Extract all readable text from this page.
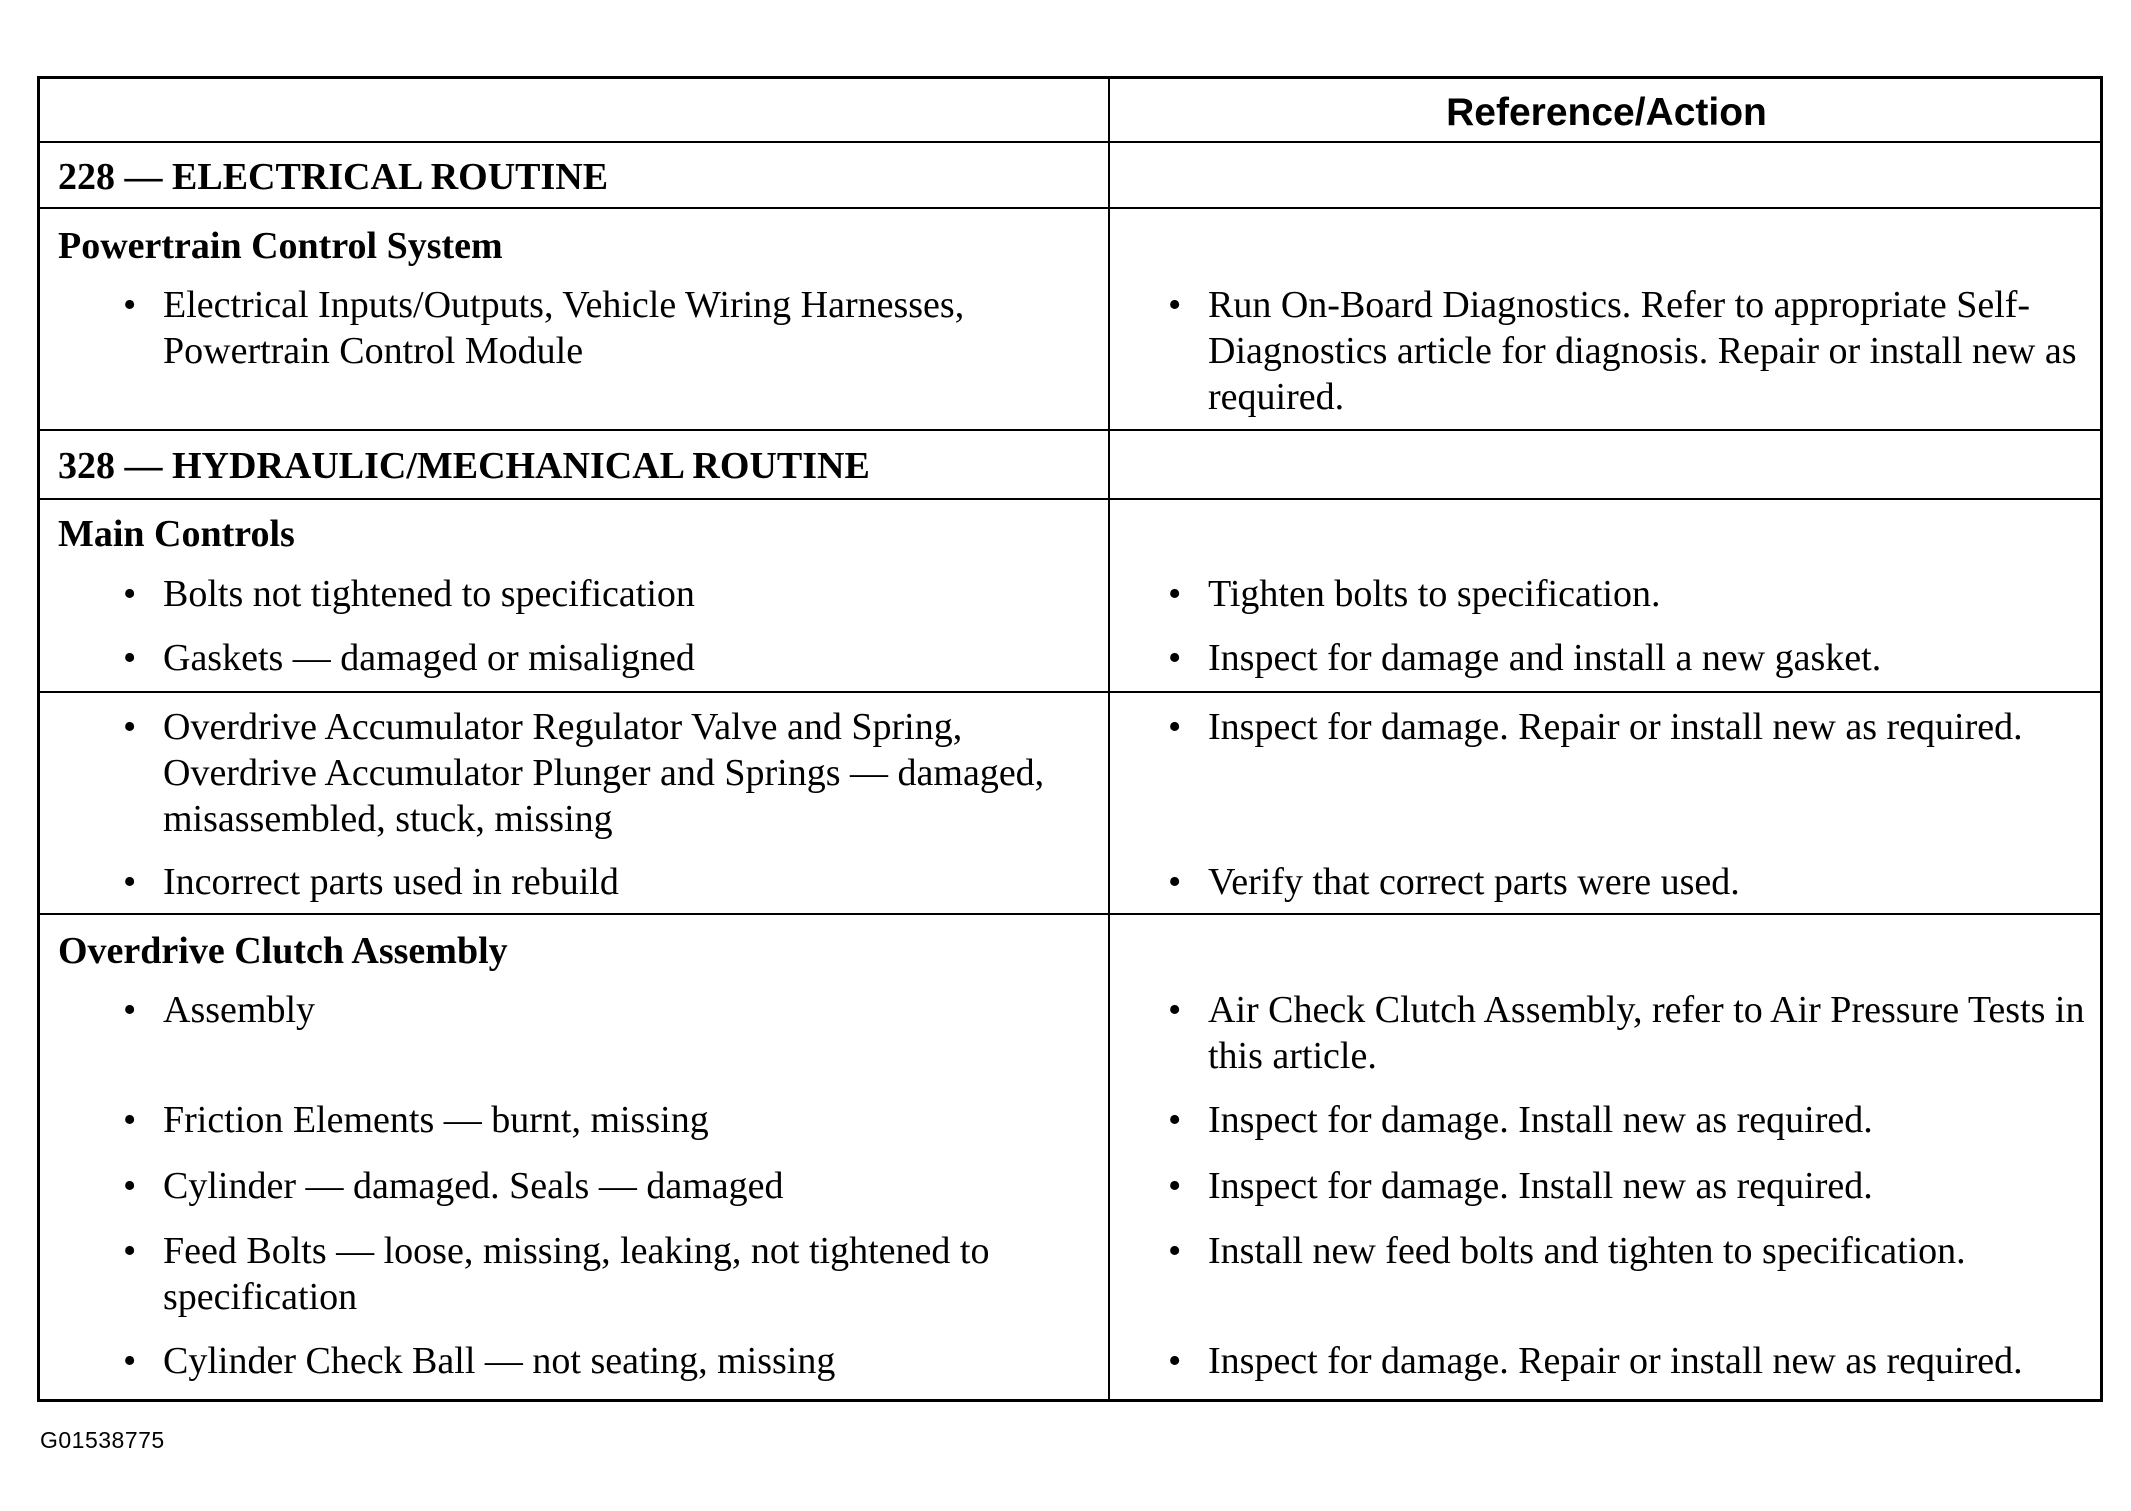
Reference/Action
228 — ELECTRICAL ROUTINE
Powertrain Control System
• Electrical Inputs/Outputs, Vehicle Wiring Harnesses, Powertrain Control Module
• Run On-Board Diagnostics. Refer to appropriate Self-Diagnostics article for diagnosis. Repair or install new as required.
328 — HYDRAULIC/MECHANICAL ROUTINE
Main Controls
• Bolts not tightened to specification
• Gaskets — damaged or misaligned
• Tighten bolts to specification.
• Inspect for damage and install a new gasket.
• Overdrive Accumulator Regulator Valve and Spring, Overdrive Accumulator Plunger and Springs — damaged, misassembled, stuck, missing
• Incorrect parts used in rebuild
• Inspect for damage. Repair or install new as required.
• Verify that correct parts were used.
Overdrive Clutch Assembly
• Assembly
• Friction Elements — burnt, missing
• Cylinder — damaged. Seals — damaged
• Feed Bolts — loose, missing, leaking, not tightened to specification
• Cylinder Check Ball — not seating, missing
• Air Check Clutch Assembly, refer to Air Pressure Tests in this article.
• Inspect for damage. Install new as required.
• Inspect for damage. Install new as required.
• Install new feed bolts and tighten to specification.
• Inspect for damage. Repair or install new as required.
G01538775
